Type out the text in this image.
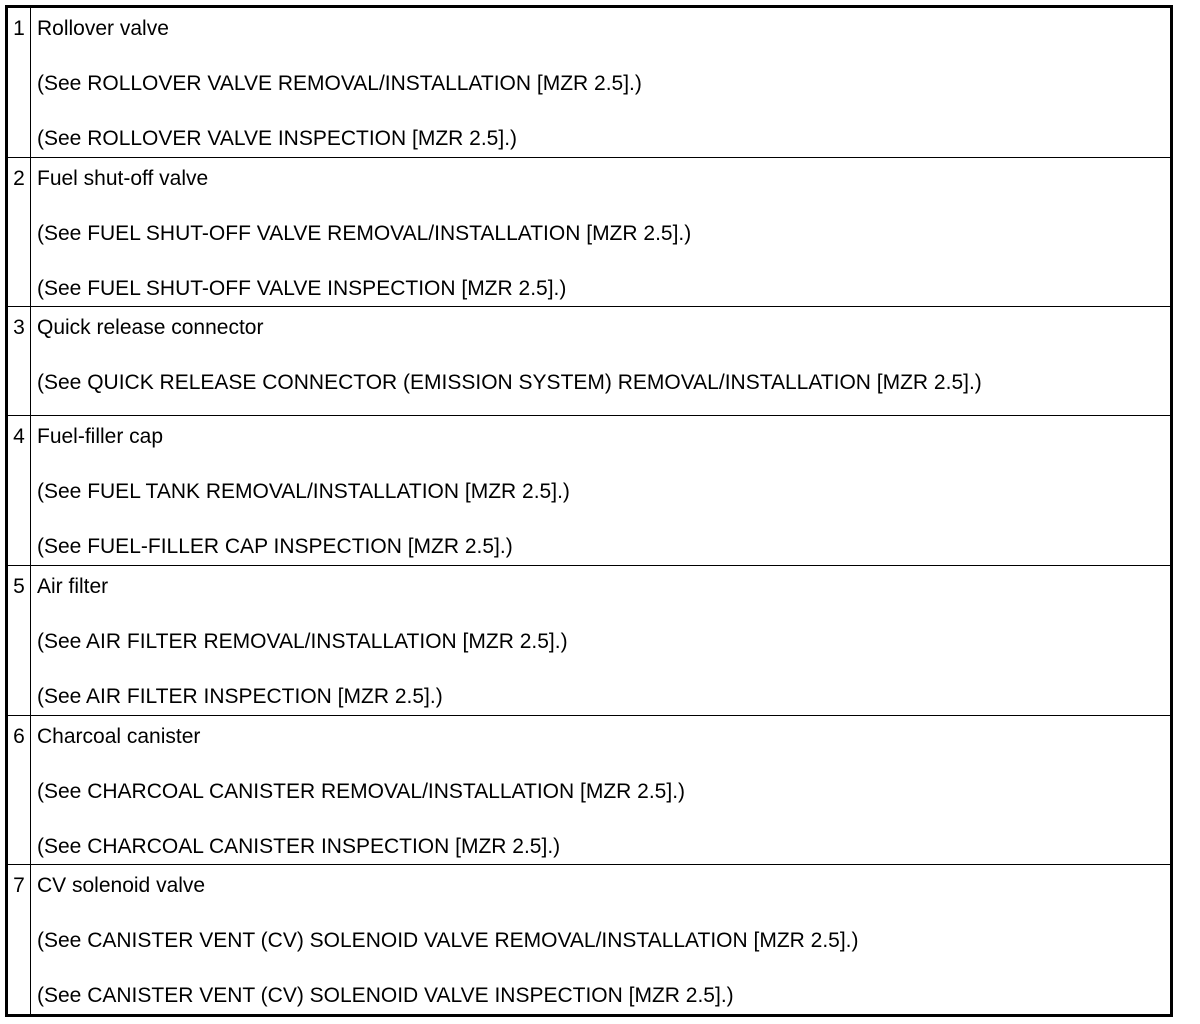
1	Rollover valve
(See ROLLOVER VALVE REMOVAL/INSTALLATION [MZR 2.5].)
(See ROLLOVER VALVE INSPECTION [MZR 2.5].)

2	Fuel shut-off valve
(See FUEL SHUT-OFF VALVE REMOVAL/INSTALLATION [MZR 2.5].)
(See FUEL SHUT-OFF VALVE INSPECTION [MZR 2.5].)

3	Quick release connector
(See QUICK RELEASE CONNECTOR (EMISSION SYSTEM) REMOVAL/INSTALLATION [MZR 2.5].)

4	Fuel-filler cap
(See FUEL TANK REMOVAL/INSTALLATION [MZR 2.5].)
(See FUEL-FILLER CAP INSPECTION [MZR 2.5].)

5	Air filter
(See AIR FILTER REMOVAL/INSTALLATION [MZR 2.5].)
(See AIR FILTER INSPECTION [MZR 2.5].)

6	Charcoal canister
(See CHARCOAL CANISTER REMOVAL/INSTALLATION [MZR 2.5].)
(See CHARCOAL CANISTER INSPECTION [MZR 2.5].)

7	CV solenoid valve
(See CANISTER VENT (CV) SOLENOID VALVE REMOVAL/INSTALLATION [MZR 2.5].)
(See CANISTER VENT (CV) SOLENOID VALVE INSPECTION [MZR 2.5].)
